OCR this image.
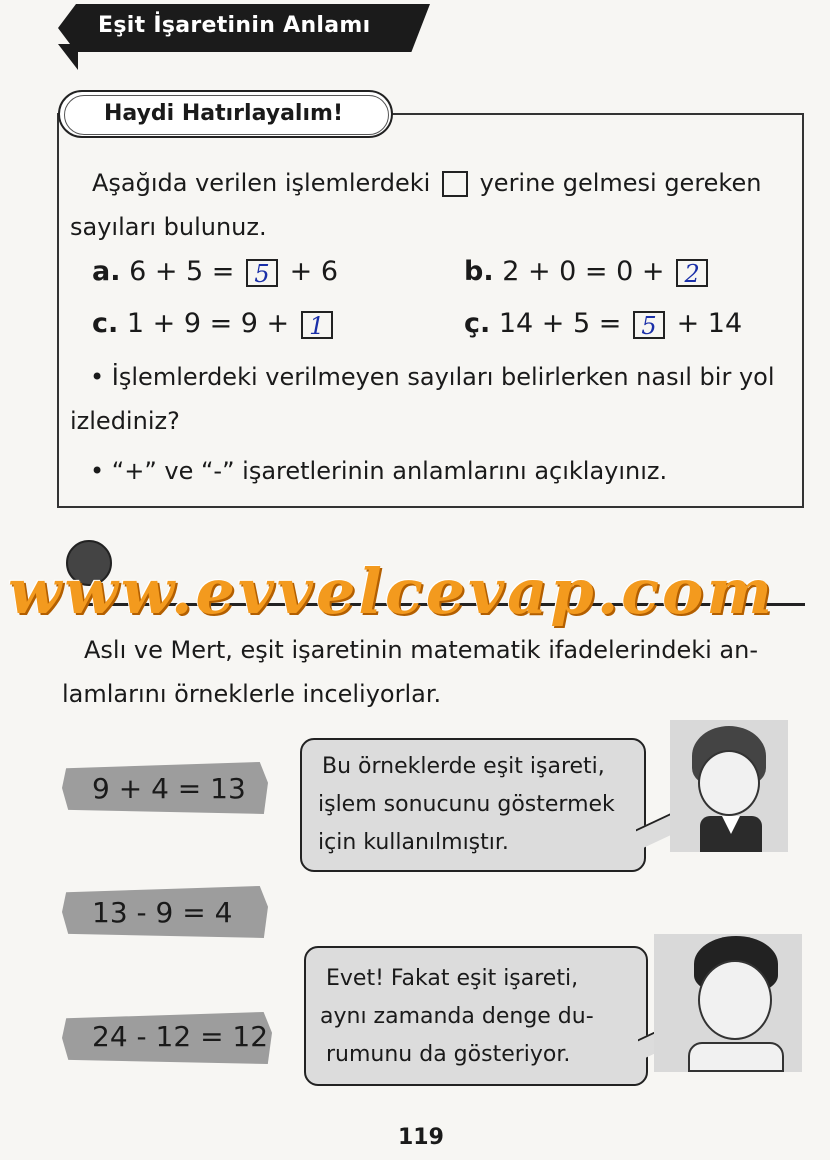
Eşit İşaretinin Anlamı
Haydi Hatırlayalım!
Aşağıda verilen işlemlerdeki yerine gelmesi gereken
sayıları bulunuz.
a. 6 + 5 = 5 + 6	b. 2 + 0 = 0 + 2
c. 1 + 9 = 9 + 1	ç. 14 + 5 = 5 + 14
• İşlemlerdeki verilmeyen sayıları belirlerken nasıl bir yol
izlediniz?
• “+” ve “-” işaretlerinin anlamlarını açıklayınız.
www.evvelcevap.com
Aslı ve Mert, eşit işaretinin matematik ifadelerindeki an-
lamlarını örneklerle inceliyorlar.
9 + 4 = 13
13 - 9 = 4
24 - 12 = 12
Bu örneklerde eşit işareti,
işlem sonucunu göstermek
için kullanılmıştır.
Evet! Fakat eşit işareti,
aynı zamanda denge du-
rumunu da gösteriyor.
119
